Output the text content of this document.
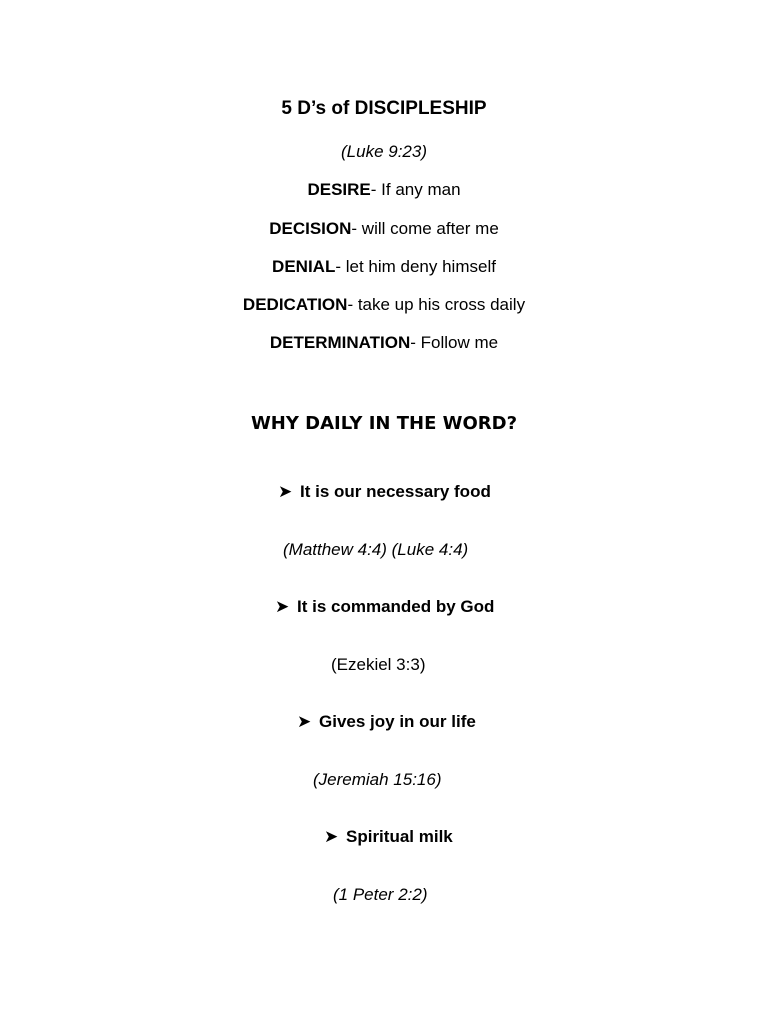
5 D’s of DISCIPLESHIP
(Luke 9:23)
DESIRE- If any man
DECISION- will come after me
DENIAL- let him deny himself
DEDICATION- take up his cross daily
DETERMINATION- Follow me
WHY DAILY IN THE WORD?
➤ It is our necessary food
(Matthew 4:4) (Luke 4:4)
➤ It is commanded by God
(Ezekiel 3:3)
➤ Gives joy in our life
(Jeremiah 15:16)
➤ Spiritual milk
(1 Peter 2:2)
